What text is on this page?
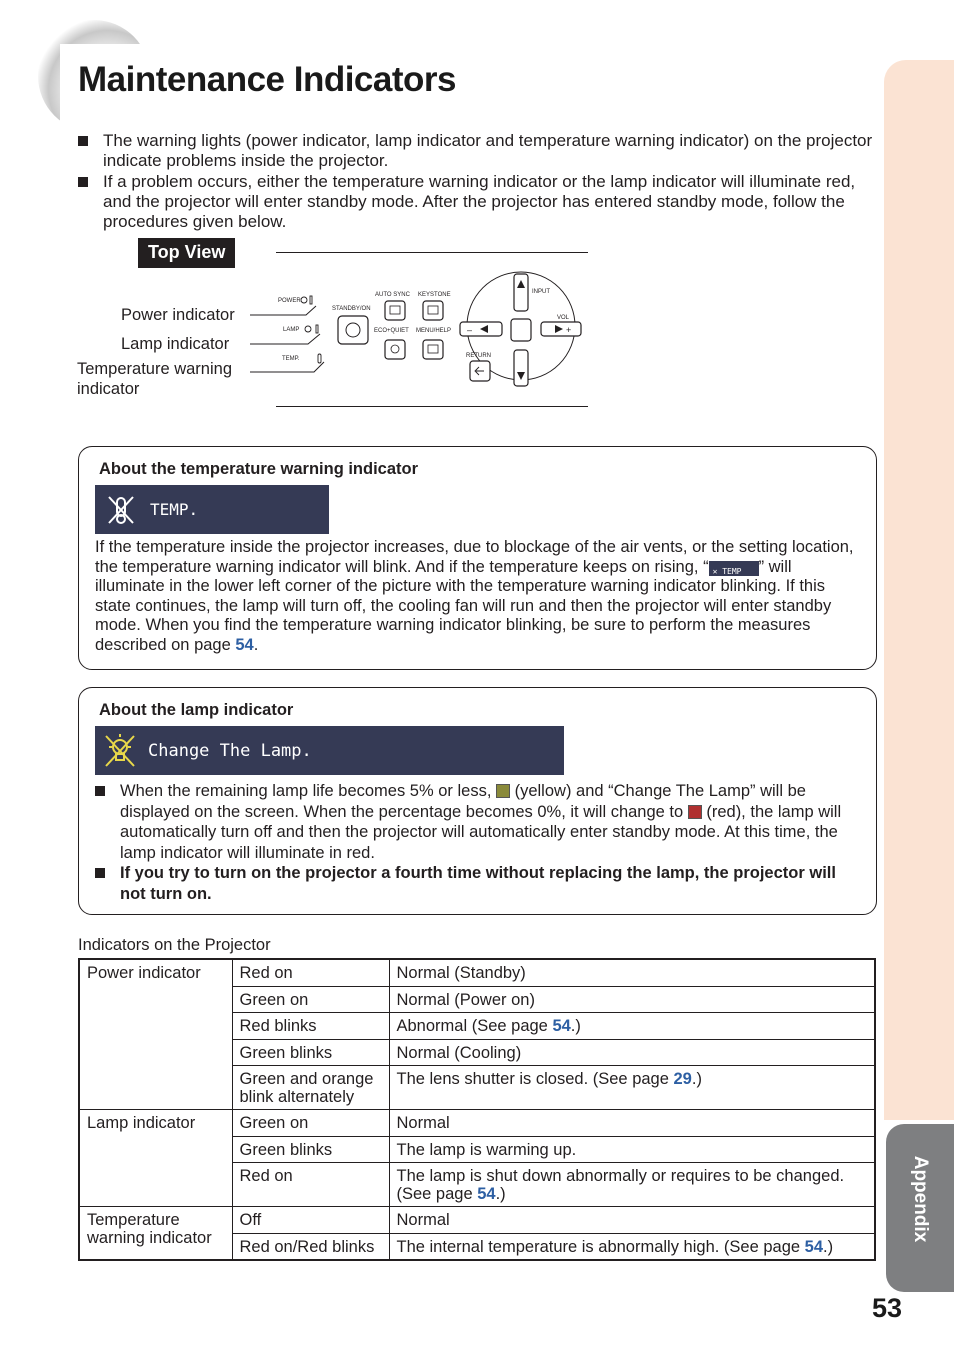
Maintenance Indicators
Appendix
53
The warning lights (power indicator, lamp indicator and temperature warning indicator) on the projector indicate problems inside the projector.
If a problem occurs, either the temperature warning indicator or the lamp indicator will illuminate red, and the projector will enter standby mode. After the projector has entered standby mode, follow the procedures given below.
Top View
Power indicator
Lamp indicator
Temperature warning
indicator
POWER
LAMP
TEMP.
STANDBY/ON
AUTO SYNC KEYSTONE
ECO+QUIET MENU/HELP
INPUT
VOL
RETURN
–	+
About the temperature warning indicator
TEMP.
If the temperature inside the projector increases, due to blockage of the air vents, or the setting location, the temperature warning indicator will blink. And if the temperature keeps on rising, “ ✕ TEMP ” will illuminate in the lower left corner of the picture with the temperature warning indicator blinking. If this state continues, the lamp will turn off, the cooling fan will run and then the projector will enter standby mode. When you find the temperature warning indicator blinking, be sure to perform the measures described on page 54.
About the lamp indicator
Change The Lamp.
When the remaining lamp life becomes 5% or less,  (yellow) and “Change The Lamp” will be displayed on the screen. When the percentage becomes 0%, it will change to  (red), the lamp will automatically turn off and then the projector will automatically enter standby mode. At this time, the lamp indicator will illuminate in red.
If you try to turn on the projector a fourth time without replacing the lamp, the projector will not turn on.
Indicators on the Projector
Power indicator	Red on	Normal (Standby)
	Green on	Normal (Power on)
	Red blinks	Abnormal (See page 54.)
	Green blinks	Normal (Cooling)
	Green and orange blink alternately	The lens shutter is closed. (See page 29.)
Lamp indicator	Green on	Normal
	Green blinks	The lamp is warming up.
	Red on	The lamp is shut down abnormally or requires to be changed. (See page 54.)
Temperature warning indicator	Off	Normal
	Red on/Red blinks	The internal temperature is abnormally high. (See page 54.)
